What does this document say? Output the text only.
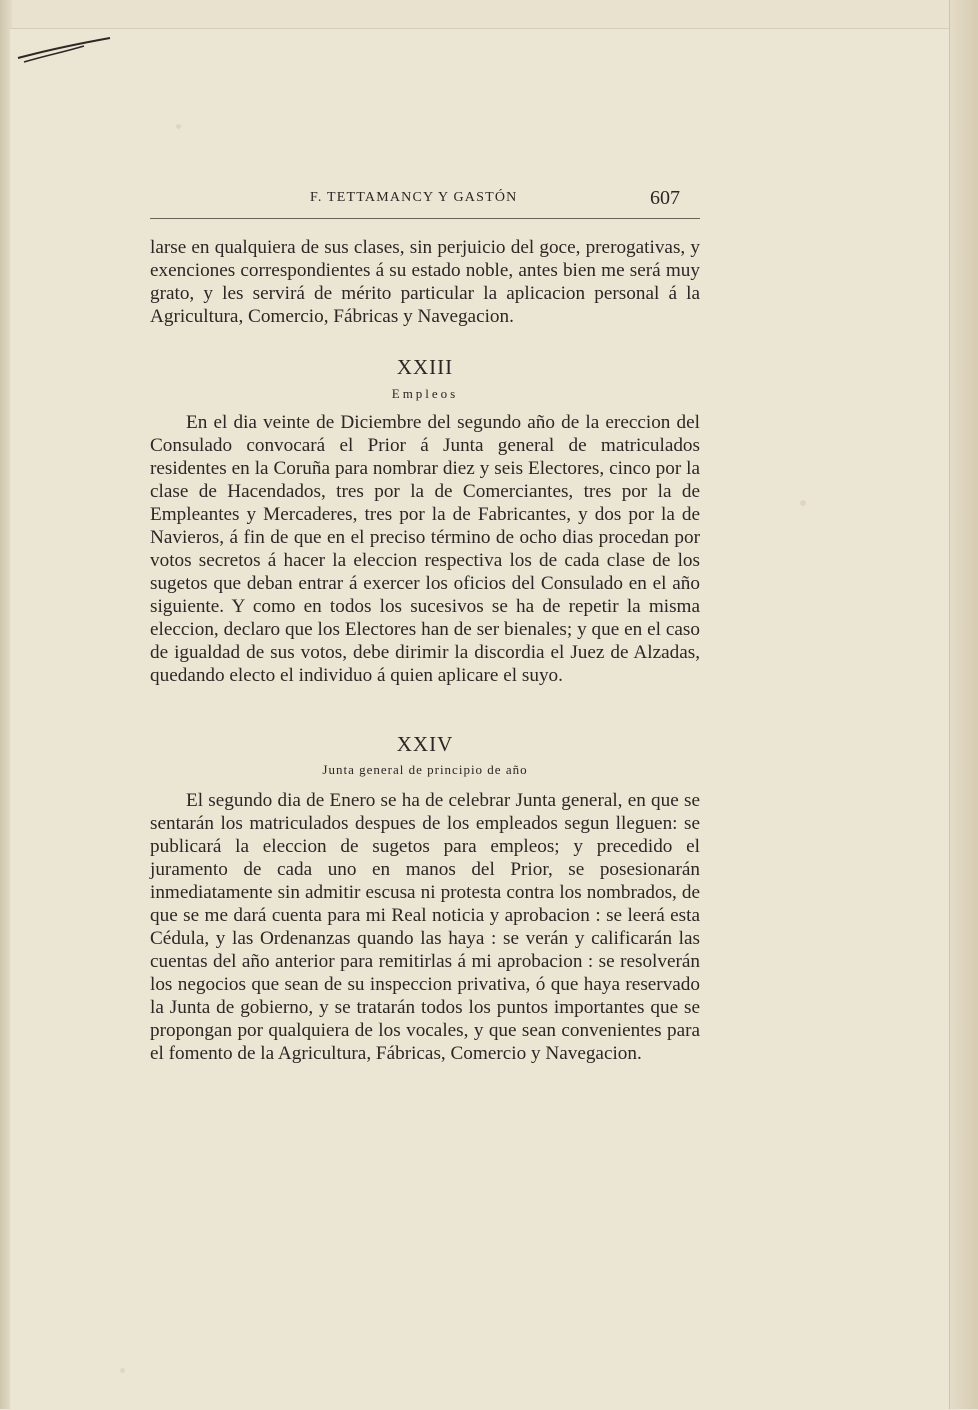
F. TETTAMANCY Y GASTÓN	607

larse en qualquiera de sus clases, sin perjuicio del goce, prerogativas, y exenciones correspondientes á su estado noble, antes bien me será muy grato, y les servirá de mérito particular la aplicacion personal á la Agricultura, Comercio, Fábricas y Navegacion.

XXIII
Empleos

En el dia veinte de Diciembre del segundo año de la ereccion del Consulado convocará el Prior á Junta general de matriculados residentes en la Coruña para nombrar diez y seis Electores, cinco por la clase de Hacendados, tres por la de Comerciantes, tres por la de Empleantes y Mercaderes, tres por la de Fabricantes, y dos por la de Navieros, á fin de que en el preciso término de ocho dias procedan por votos secretos á hacer la eleccion respectiva los de cada clase de los sugetos que deban entrar á exercer los oficios del Consulado en el año siguiente. Y como en todos los sucesivos se ha de repetir la misma eleccion, declaro que los Electores han de ser bienales; y que en el caso de igualdad de sus votos, debe dirimir la discordia el Juez de Alzadas, quedando electo el individuo á quien aplicare el suyo.

XXIV
Junta general de principio de año

El segundo dia de Enero se ha de celebrar Junta general, en que se sentarán los matriculados despues de los empleados segun lleguen: se publicará la eleccion de sugetos para empleos; y precedido el juramento de cada uno en manos del Prior, se posesionarán inmediatamente sin admitir escusa ni protesta contra los nombrados, de que se me dará cuenta para mi Real noticia y aprobacion : se leerá esta Cédula, y las Ordenanzas quando las haya : se verán y calificarán las cuentas del año anterior para remitirlas á mi aprobacion : se resolverán los negocios que sean de su inspeccion privativa, ó que haya reservado la Junta de gobierno, y se tratarán todos los puntos importantes que se propongan por qualquiera de los vocales, y que sean convenientes para el fomento de la Agricultura, Fábricas, Comercio y Navegacion.
